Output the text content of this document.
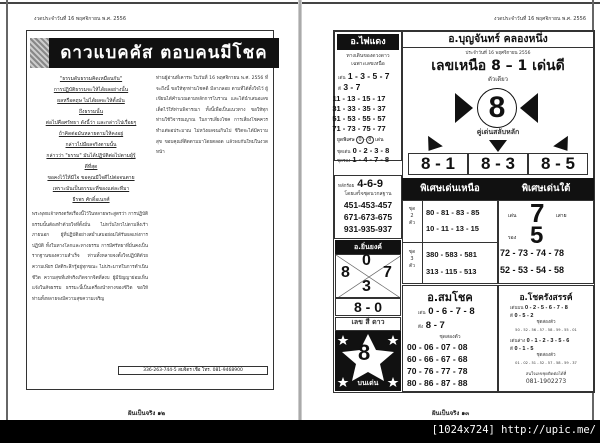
งวดประจำวันที่ 16 พฤศจิกายน พ.ศ. 2556
ดาวแบคคัส ตอบคนมีโชค

"ธรรมดับธรรมคิดเหมือนกัน"

การปฏิบัติธรรมจะให้ได้ผลอย่างนั้น

ผลหรือคฤษ ไม่ได้ผลจะให้ตั้งมั่น

ถึงธรรมนั้น

ต่อไปคือศรัทธา ดังนี้ว่า และกล่าวไปเรื่อยๆ

ถ้าคิดต่อมันหลายตามให้คงอยู่

กล่าวไปมีผลจริงตามนั้น

กล่าวว่า "ธรรม" มันได้ปฏิบัติต่อไปตามผู้รู้

ดีที่สุด

ขอคงไว้ให้มีใจ ขอคุณมีใจดีไปต่อจนตาย

เพราะมันเป็นธรรมะที่ของแต่ละทีมา

ธีรพร ศักดิ์อเนกศ์

พระพุทธเจ้าทรงตรัสเรื่องนี้ไว้ในหลายพระสูตรว่า การปฏิบัติธรรมนั้นต้องทำด้วยใจที่ตั้งมั่น ไม่หวั่นไหวไปตามสิ่งเร้าภายนอก ผู้ที่ปฏิบัติอย่างสม่ำเสมอย่อมได้รับผลแห่งการปฏิบัติ ทั้งในทางโลกและทางธรรม การมีศรัทธาที่มั่นคงเป็นรากฐานของความสำเร็จ ท่านทั้งหลายจงตั้งใจปฏิบัติด้วยความเพียร มีสติระลึกรู้อยู่ทุกขณะ ไม่ประมาทในการดำเนินชีวิต ความสุขที่แท้จริงเกิดจากจิตที่สงบ ผู้มีปัญญาย่อมเห็นแจ้งในสัจธรรม ธรรมะนี้เป็นเครื่องนำทางของชีวิต ขอให้ท่านทั้งหลายจงมีความสุขความเจริญ
ท่านผู้อ่านที่เคารพ ในวันที่ 16 พฤศจิกายน พ.ศ. 2556 ที่จะถึงนี้ ขอให้ทุกท่านโชคดี มีลาภลอย ตามที่ได้ตั้งใจไว้ ผู้เขียนได้คำนวณตามหลักการโบราณ และได้นำเสนอเลขเด็ดไว้ให้ท่านพิจารณา ทั้งนี้เพื่อเป็นแนวทาง ขอให้ทุกท่านใช้วิจารณญาณ ในการเสี่ยงโชค การเสี่ยงโชคควรทำแต่พอประมาณ ไม่หวังผลจนเกินไป ชีวิตจะได้มีความสุข ขอบคุณที่ติดตามมาโดยตลอด แล้วพบกันใหม่ในงวดหน้า
336-263-744-5 สมจิตร เชื่อ โทร. 081-9468900
ฝันเป็นจริง ๑๒
งวดประจำวันที่ 16 พฤศจิกายน พ.ศ. 2556
อ.ไพ่แดง
ทางเดินของดวงดาว
เฉพาะเลขเหนือ
เด่น 1 - 3 - 5 - 7
ตี 3 - 7
11 - 13 - 15 - 17
31 - 33 - 35 - 37
51 - 53 - 55 - 57
71 - 73 - 75 - 77
ยูดพิเศษ 0 - 8 เด่น
ชุดเด่น 0 - 2 - 3 - 8
ชุดรอง 1 - 4 - 7 - 8
หลักร้อย 4-6-9
โดยเสร็จชุดนวกสฐาน
451-453-457
671-673-675
931-935-937
อ.ยิ่นยงค์
0
8 7
3
8 - 0
เลข สี่ ดาว
8
บนเด่น
อ.บุญจันทร์ คลองหนึ่ง
ประจำวันที่ 16 พฤศจิกายน 2556
เลขเหนือ 8 – 1 เด่นดี
ตัวเดียว
8
คู่เด่นสลับหลัก
8 - 1	8 - 3	8 - 5
พิเศษเด่นเหนือ
ชุด
2
ตัว
80 - 81 - 83 - 85
10 - 11 - 13 - 15
ชุด
3
ตัว
380 - 583 - 581
313 - 115 - 513
พิเศษเด่นใต้
เด่น 7 เสาย
รอง 5
72 - 73 - 74 - 78
52 - 53 - 54 - 58
อ.สมโชค
เด่น 0 - 6 - 7 - 8
ตีง 8 - 7
ชุดสองตัว
00 - 06 - 07 - 08
60 - 66 - 67 - 68
70 - 76 - 77 - 78
80 - 86 - 87 - 88
อ.โชครังสรรค์
เด่นบน 0 - 2 - 5 - 6 - 7 - 8
ตี 0 - 5 - 2
ชุดสองตัว
50 - 52 - 56 - 57 - 58 - 59 - 55 - 01
เด่นล่าง 0 - 1 - 2 - 3 - 5 - 6
ตี 0 - 1 - 5
ชุดสองตัว
01 - 02 - 51 - 52 - 57 - 58 - 59 - 37
สนใจเลขชุดติดต่อได้ที่
081-1902273
ฝันเป็นจริง ๑๓
[1024x724] http://upic.me/
